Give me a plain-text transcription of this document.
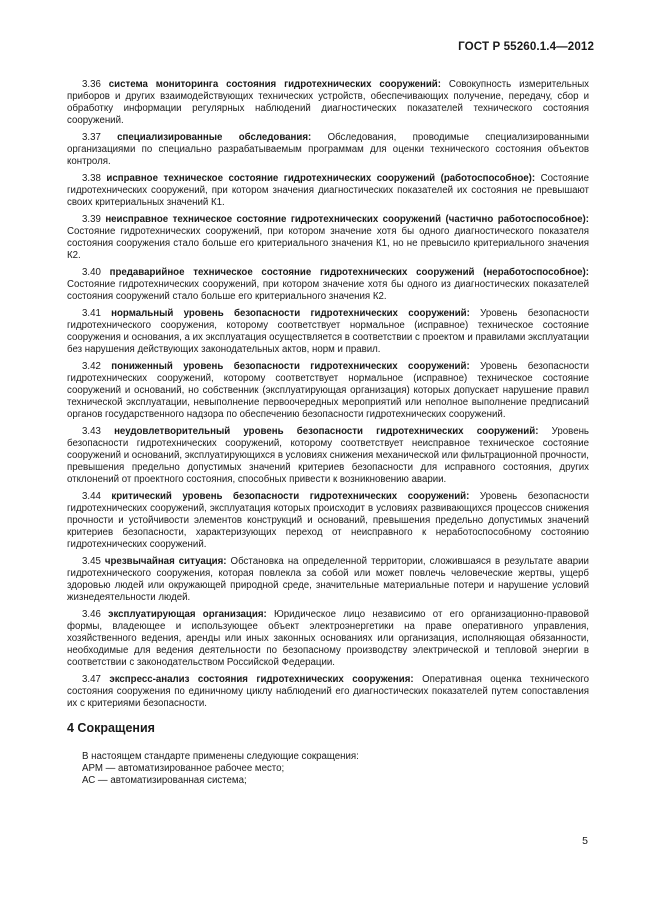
ГОСТ Р 55260.1.4—2012

3.36 система мониторинга состояния гидротехнических сооружений: Совокупность измерительных приборов и других взаимодействующих технических устройств, обеспечивающих получение, передачу, сбор и обработку информации регулярных наблюдений диагностических показателей технического состояния сооружений.

3.37 специализированные обследования: Обследования, проводимые специализированными организациями по специально разрабатываемым программам для оценки технического состояния объектов контроля.

3.38 исправное техническое состояние гидротехнических сооружений (работоспособное): Состояние гидротехнических сооружений, при котором значения диагностических показателей их состояния не превышают своих критериальных значений К1.

3.39 неисправное техническое состояние гидротехнических сооружений (частично работоспособное): Состояние гидротехнических сооружений, при котором значение хотя бы одного диагностического показателя состояния сооружения стало больше его критериального значения К1, но не превысило критериального значения К2.

3.40 предаварийное техническое состояние гидротехнических сооружений (неработоспособное): Состояние гидротехнических сооружений, при котором значение хотя бы одного из диагностических показателей состояния сооружений стало больше его критериального значения К2.

3.41 нормальный уровень безопасности гидротехнических сооружений: Уровень безопасности гидротехнического сооружения, которому соответствует нормальное (исправное) техническое состояние сооружения и основания, а их эксплуатация осуществляется в соответствии с проектом и правилами эксплуатации без нарушения действующих законодательных актов, норм и правил.

3.42 пониженный уровень безопасности гидротехнических сооружений: Уровень безопасности гидротехнических сооружений, которому соответствует нормальное (исправное) техническое состояние сооружений и оснований, но собственник (эксплуатирующая организация) которых допускает нарушение правил технической эксплуатации, невыполнение первоочередных мероприятий или неполное выполнение предписаний органов государственного надзора по обеспечению безопасности гидротехнических сооружений.

3.43 неудовлетворительный уровень безопасности гидротехнических сооружений: Уровень безопасности гидротехнических сооружений, которому соответствует неисправное техническое состояние сооружений и оснований, эксплуатирующихся в условиях снижения механической или фильтрационной прочности, превышения предельно допустимых значений критериев безопасности для исправного состояния, других отклонений от проектного состояния, способных привести к возникновению аварии.

3.44 критический уровень безопасности гидротехнических сооружений: Уровень безопасности гидротехнических сооружений, эксплуатация которых происходит в условиях развивающихся процессов снижения прочности и устойчивости элементов конструкций и оснований, превышения предельно допустимых значений критериев безопасности, характеризующих переход от неисправного к неработоспособному состоянию гидротехнических сооружений.

3.45 чрезвычайная ситуация: Обстановка на определенной территории, сложившаяся в результате аварии гидротехнического сооружения, которая повлекла за собой или может повлечь человеческие жертвы, ущерб здоровью людей или окружающей природной среде, значительные материальные потери и нарушение условий жизнедеятельности людей.

3.46 эксплуатирующая организация: Юридическое лицо независимо от его организационно-правовой формы, владеющее и использующее объект электроэнергетики на праве оперативного управления, хозяйственного ведения, аренды или иных законных основаниях или организация, исполняющая обязанности, необходимые для ведения деятельности по безопасному производству электрической и тепловой энергии в соответствии с законодательством Российской Федерации.

3.47 экспресс-анализ состояния гидротехнических сооружения: Оперативная оценка технического состояния сооружения по единичному циклу наблюдений его диагностических показателей путем сопоставления их с критериями безопасности.

4 Сокращения

В настоящем стандарте применены следующие сокращения:

АРМ — автоматизированное рабочее место;

АС — автоматизированная система;

5
